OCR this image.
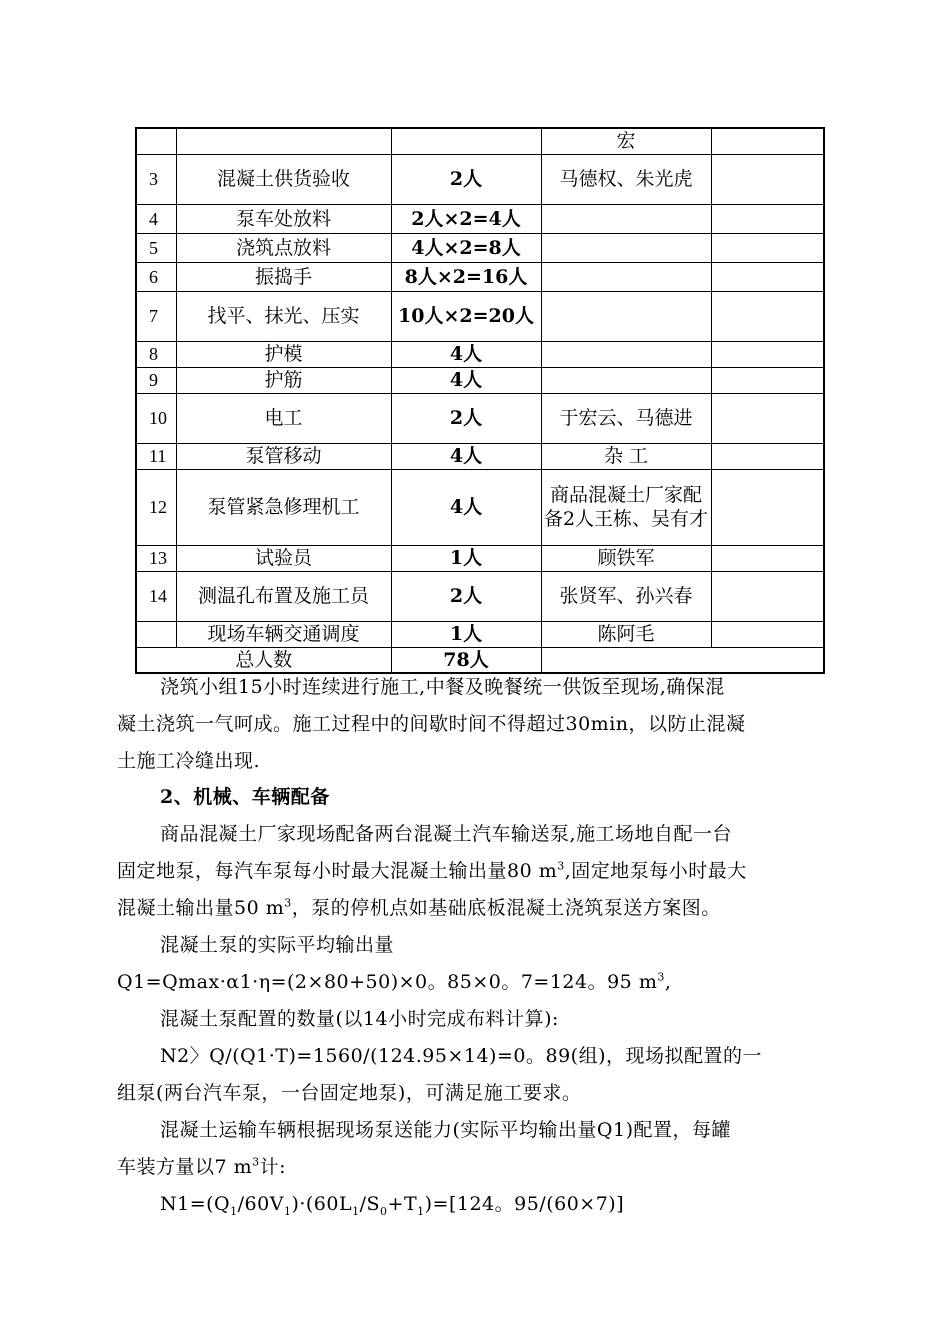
			宏	
3	混凝土供货验收	2人	马德权、朱光虎	
4	泵车处放料	2人×2=4人		
5	浇筑点放料	4人×2=8人		
6	振捣手	8人×2=16人		
7	找平、抹光、压实	10人×2=20人		
8	护模	4人		
9	护筋	4人		
10	电工	2人	于宏云、马德进	
11	泵管移动	4人	杂 工	
12	泵管紧急修理机工	4人	商品混凝土厂家配备2人王栋、吴有才	
13	试验员	1人	顾铁军	
14	测温孔布置及施工员	2人	张贤军、孙兴春	
	现场车辆交通调度	1人	陈阿毛	
总人数		78人		
浇筑小组15小时连续进行施工,中餐及晚餐统一供饭至现场,确保混
凝土浇筑一气呵成。施工过程中的间歇时间不得超过30min，以防止混凝
土施工冷缝出现.
2、机械、车辆配备
商品混凝土厂家现场配备两台混凝土汽车输送泵,施工场地自配一台
固定地泵，每汽车泵每小时最大混凝土输出量80 $m^3$,固定地泵每小时最大
混凝土输出量50 $m^3$，泵的停机点如基础底板混凝土浇筑泵送方案图。
混凝土泵的实际平均输出量
Q1=Qmax·α1·η=(2×80+50)×0。85×0。7=124。95 $m^3$,
混凝土泵配置的数量(以14小时完成布料计算):
N2〉Q/(Q1·T)=1560/(124.95×14)=0。89(组)，现场拟配置的一
组泵(两台汽车泵，一台固定地泵)，可满足施工要求。
混凝土运输车辆根据现场泵送能力(实际平均输出量Q1)配置，每罐
车装方量以7 $m^3$计:
$N1=(Q_1/60V_1)\cdot(60L_1/S_0+T_1)=[124$。95/(60×7)]
